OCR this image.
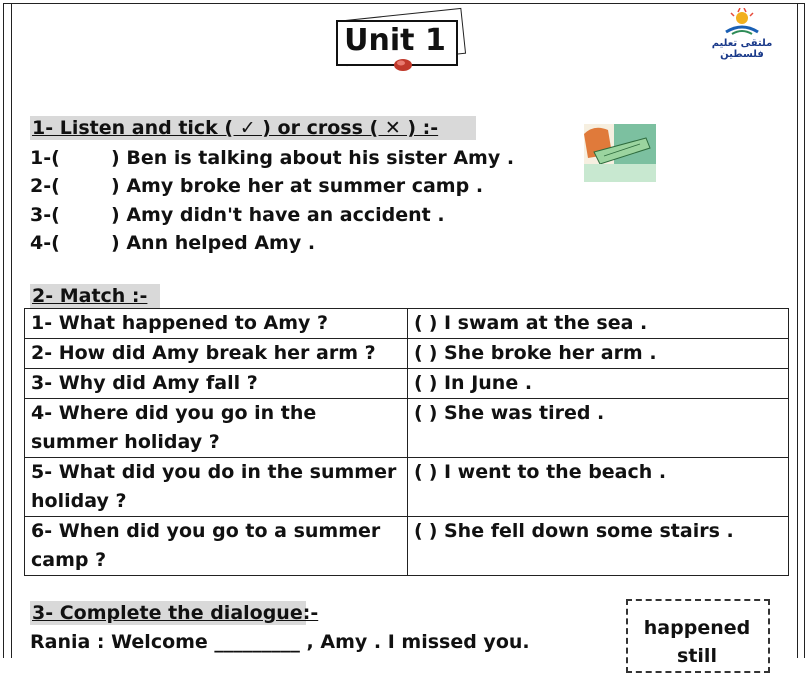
Unit 1	ملتقى تعليم فلسطين
1- Listen and tick ( ✓ ) or cross ( ✕ ) :-
1-(	) Ben is talking about his sister Amy .
2-(	) Amy broke her at summer camp .
3-(	) Amy didn't have an accident .
4-(	) Ann helped Amy .
2- Match :-
1- What happened to Amy ?	( ) I swam at the sea .

2- How did Amy break her arm ?	( ) She broke her arm .

3- Why did Amy fall ?	( ) In June .

4- Where did you go in the summer holiday ?	( ) She was tired .

5- What did you do in the summer holiday ?	( ) I went to the beach .

6- When did you go to a summer camp ?	( ) She fell down some stairs .
3- Complete the dialogue:-
Rania : Welcome _________ , Amy . I missed you.
happened
still
